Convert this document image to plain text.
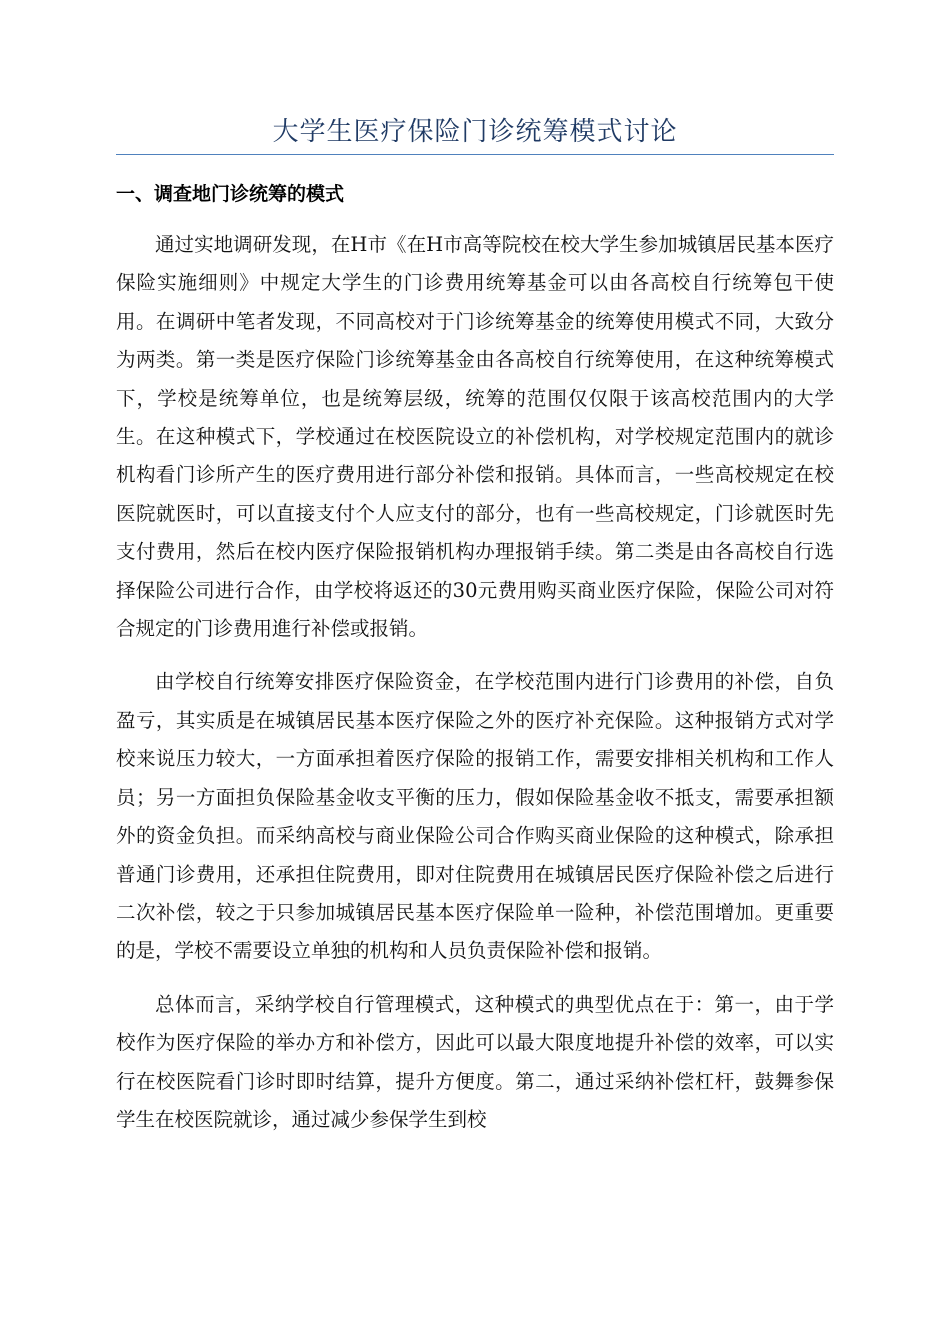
大学生医疗保险门诊统筹模式讨论
一、调查地门诊统筹的模式

通过实地调研发现，在H市《在H市高等院校在校大学生参加城镇居民基本医疗保险实施细则》中规定大学生的门诊费用统筹基金可以由各高校自行统筹包干使用。在调研中笔者发现，不同高校对于门诊统筹基金的统筹使用模式不同，大致分为两类。第一类是医疗保险门诊统筹基金由各高校自行统筹使用，在这种统筹模式下，学校是统筹单位，也是统筹层级，统筹的范围仅仅限于该高校范围内的大学生。在这种模式下，学校通过在校医院设立的补偿机构，对学校规定范围内的就诊机构看门诊所产生的医疗费用进行部分补偿和报销。具体而言，一些高校规定在校医院就医时，可以直接支付个人应支付的部分，也有一些高校规定，门诊就医时先支付费用，然后在校内医疗保险报销机构办理报销手续。第二类是由各高校自行选择保险公司进行合作，由学校将返还的30元费用购买商业医疗保险，保险公司对符合规定的门诊费用進行补偿或报销。

由学校自行统筹安排医疗保险资金，在学校范围内进行门诊费用的补偿，自负盈亏，其实质是在城镇居民基本医疗保险之外的医疗补充保险。这种报销方式对学校来说压力较大，一方面承担着医疗保险的报销工作，需要安排相关机构和工作人员；另一方面担负保险基金收支平衡的压力，假如保险基金收不抵支，需要承担额外的资金负担。而采纳高校与商业保险公司合作购买商业保险的这种模式，除承担普通门诊费用，还承担住院费用，即对住院费用在城镇居民医疗保险补偿之后进行二次补偿，较之于只参加城镇居民基本医疗保险单一险种，补偿范围增加。更重要的是，学校不需要设立单独的机构和人员负责保险补偿和报销。

总体而言，采纳学校自行管理模式，这种模式的典型优点在于：第一，由于学校作为医疗保险的举办方和补偿方，因此可以最大限度地提升补偿的效率，可以实行在校医院看门诊时即时结算，提升方便度。第二，通过采纳补偿杠杆，鼓舞参保学生在校医院就诊，通过减少参保学生到校
